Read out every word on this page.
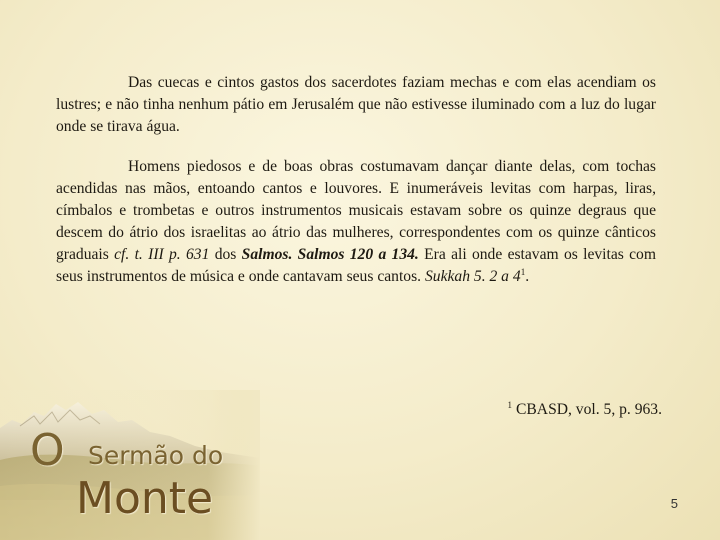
Das cuecas e cintos gastos dos sacerdotes faziam mechas e com elas acendiam os lustres; e não tinha nenhum pátio em Jerusalém que não estivesse iluminado com a luz do lugar onde se tirava água.

Homens piedosos e de boas obras costumavam dançar diante delas, com tochas acendidas nas mãos, entoando cantos e louvores. E inumeráveis levitas com harpas, liras, címbalos e trombetas e outros instrumentos musicais estavam sobre os quinze degraus que descem do átrio dos israelitas ao átrio das mulheres, correspondentes com os quinze cânticos graduais cf. t. III p. 631 dos Salmos. Salmos 120 a 134. Era ali onde estavam os levitas com seus instrumentos de música e onde cantavam seus cantos. Sukkah 5. 2 a $4^1$.

$^1$ CBASD, vol. 5, p. 963.
O Sermão do
Monte	5
